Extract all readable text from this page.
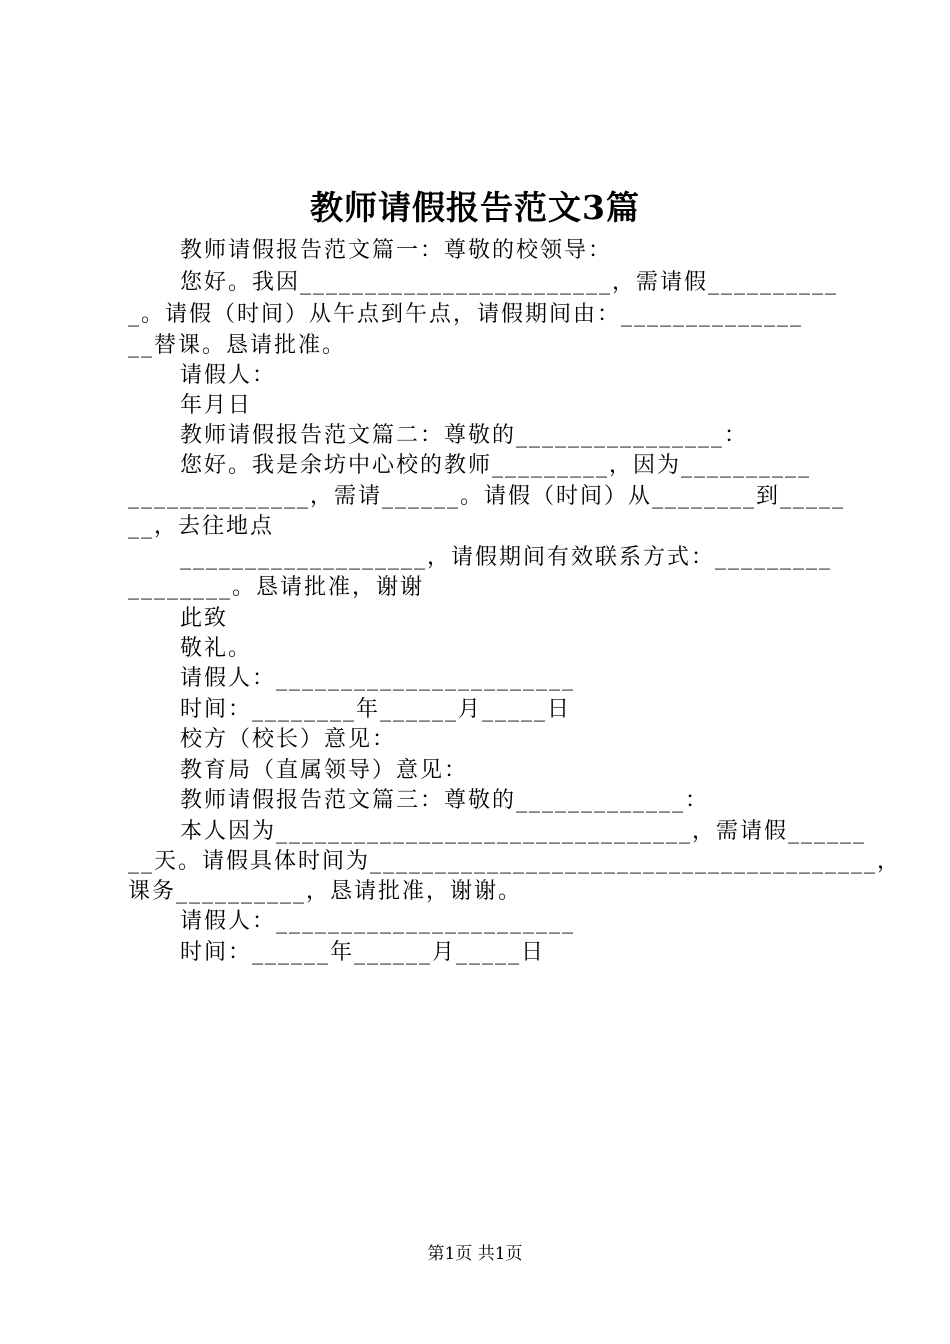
教师请假报告范文3篇
教师请假报告范文篇一：尊敬的校领导：
您好。我因________________________，需请假__________
_。请假（时间）从午点到午点，请假期间由：______________
__替课。恳请批准。
请假人：
年月日
教师请假报告范文篇二：尊敬的________________：
您好。我是余坊中心校的教师_________，因为__________
______________，需请______。请假（时间）从________到_____
__，去往地点
___________________，请假期间有效联系方式：_________
________。恳请批准，谢谢
此致
敬礼。
请假人：_______________________
时间：________年______月_____日
校方（校长）意见：
教育局（直属领导）意见：
教师请假报告范文篇三：尊敬的_____________：
本人因为________________________________，需请假______
__天。请假具体时间为_______________________________________，
课务__________，恳请批准，谢谢。
请假人：_______________________
时间：______年______月_____日
第1页 共1页
